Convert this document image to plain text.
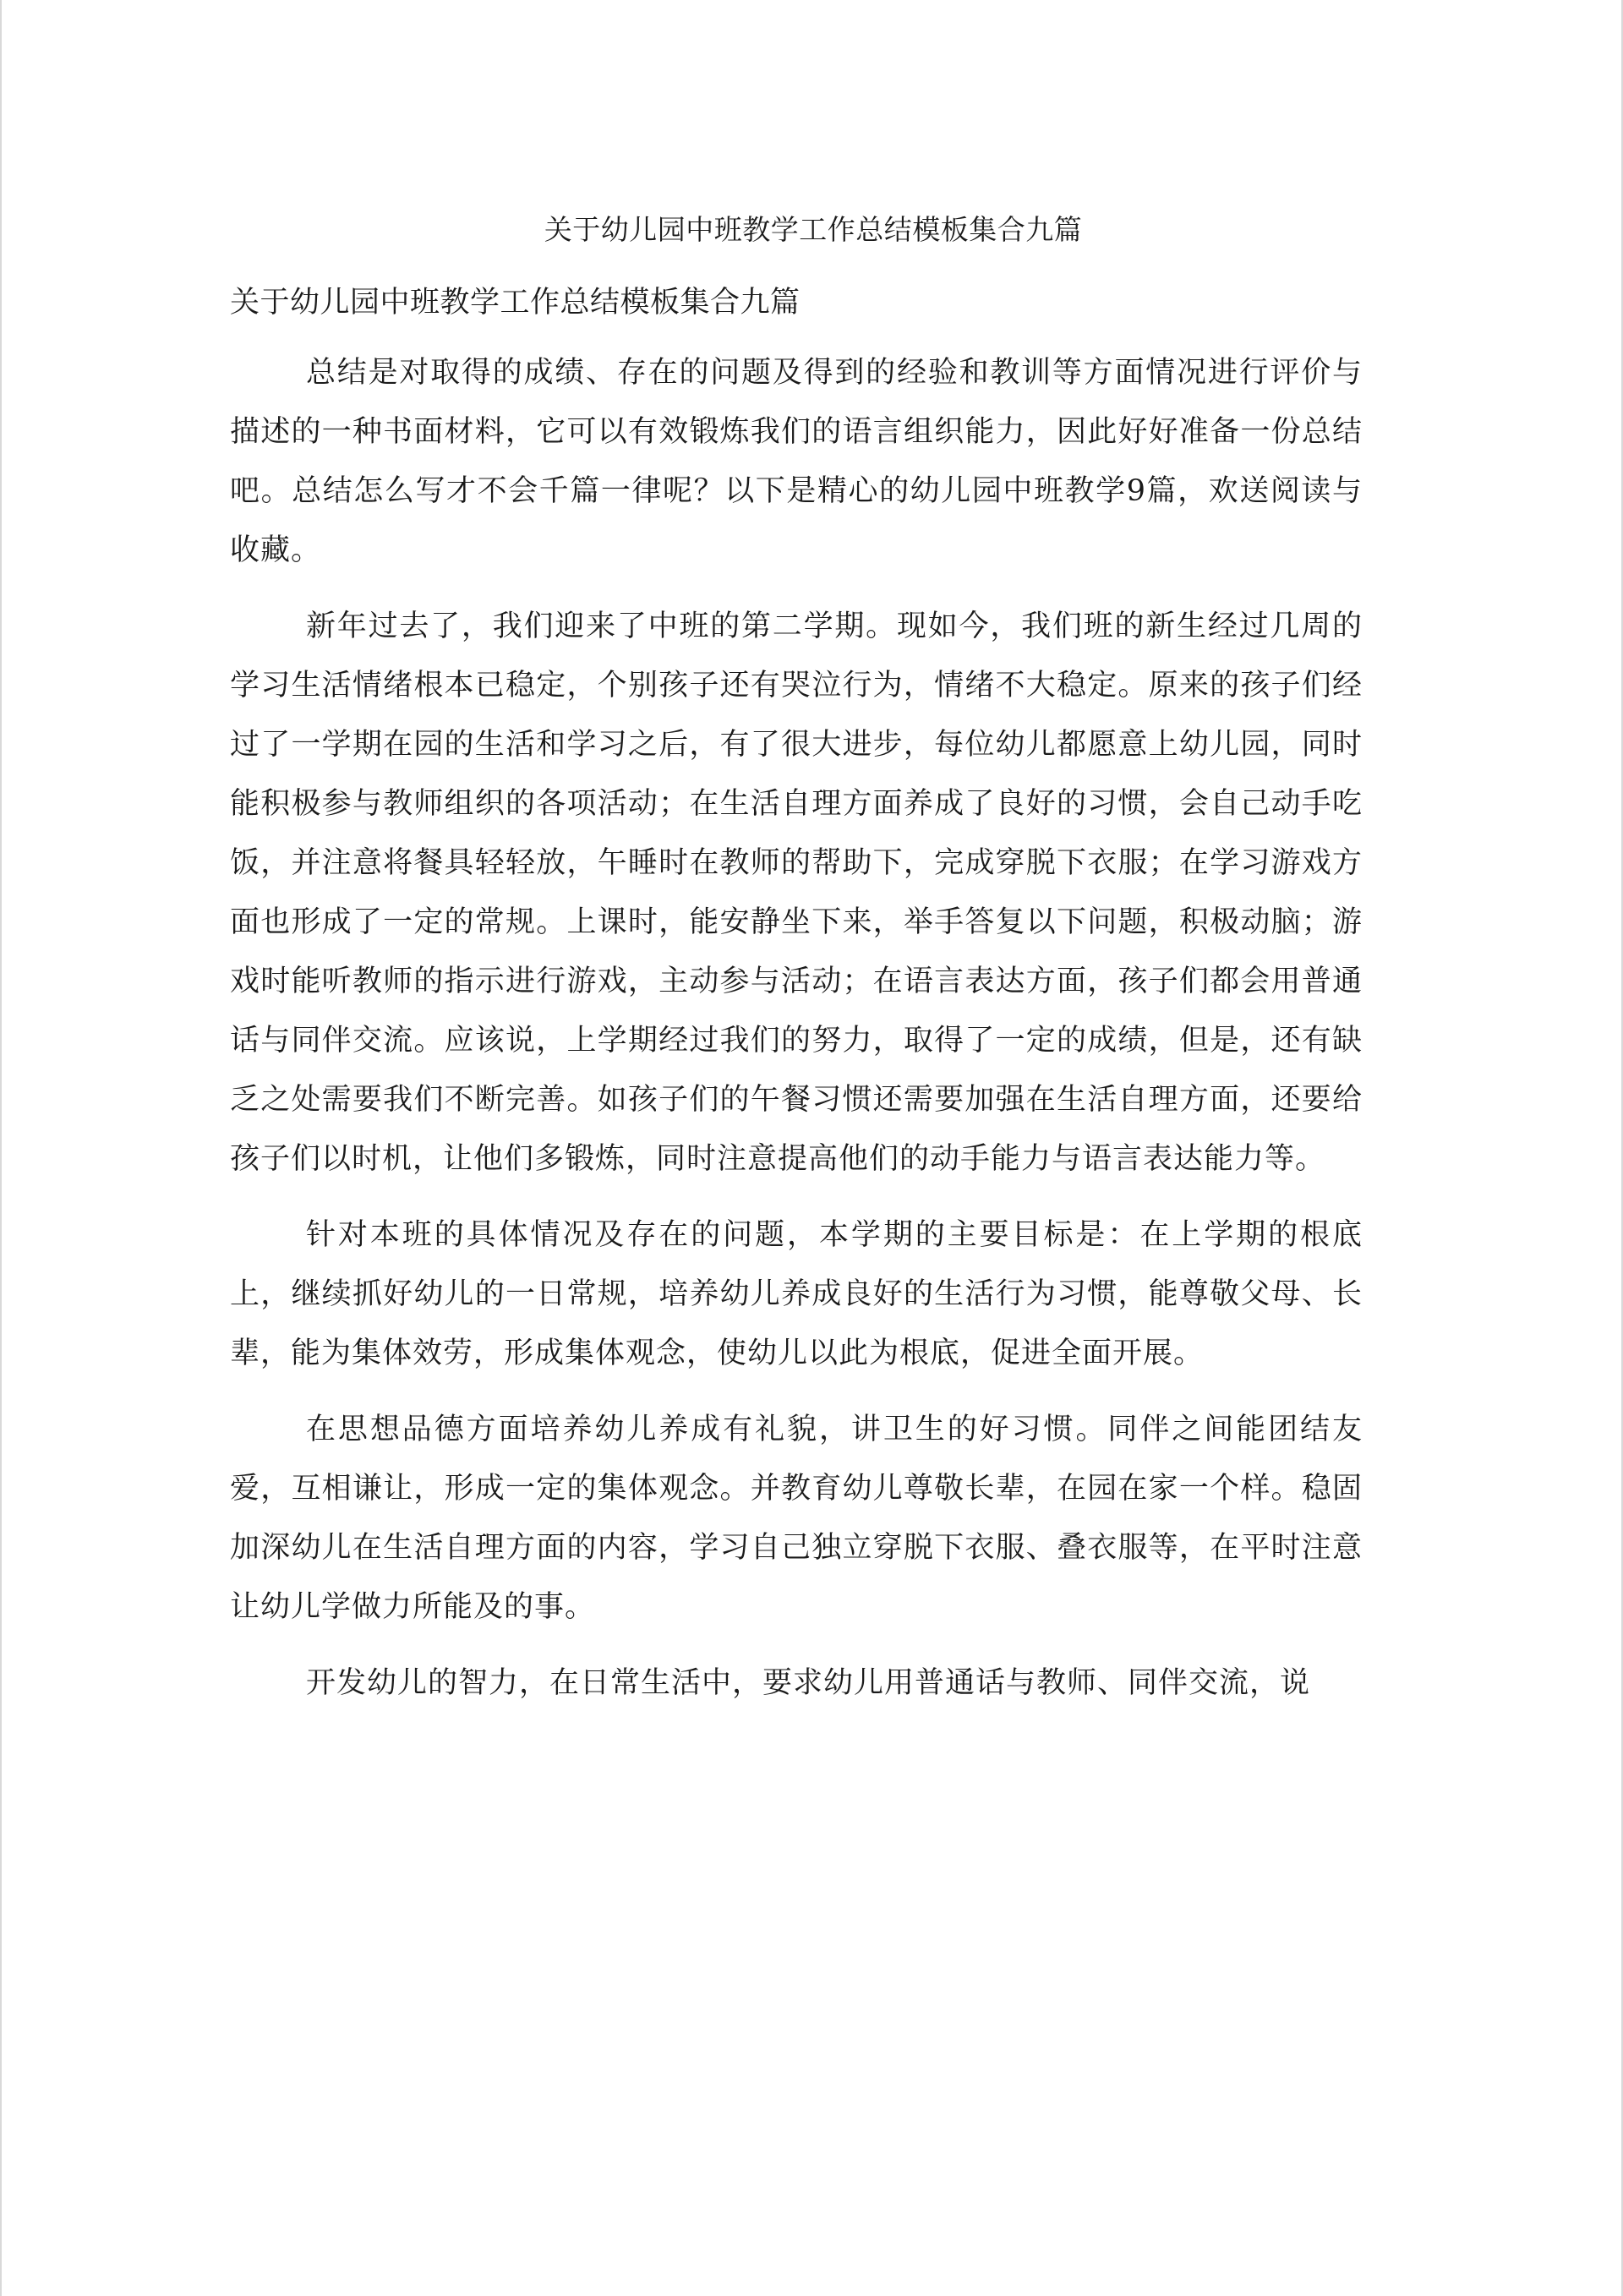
关于幼儿园中班教学工作总结模板集合九篇
关于幼儿园中班教学工作总结模板集合九篇

总结是对取得的成绩、存在的问题及得到的经验和教训等方面情况进行评价与描述的一种书面材料，它可以有效锻炼我们的语言组织能力，因此好好准备一份总结吧。总结怎么写才不会千篇一律呢？以下是精心的幼儿园中班教学9篇，欢送阅读与收藏。

新年过去了，我们迎来了中班的第二学期。现如今，我们班的新生经过几周的学习生活情绪根本已稳定，个别孩子还有哭泣行为，情绪不大稳定。原来的孩子们经过了一学期在园的生活和学习之后，有了很大进步，每位幼儿都愿意上幼儿园，同时能积极参与教师组织的各项活动；在生活自理方面养成了良好的习惯，会自己动手吃饭，并注意将餐具轻轻放，午睡时在教师的帮助下，完成穿脱下衣服；在学习游戏方面也形成了一定的常规。上课时，能安静坐下来，举手答复以下问题，积极动脑；游戏时能听教师的指示进行游戏，主动参与活动；在语言表达方面，孩子们都会用普通话与同伴交流。应该说，上学期经过我们的努力，取得了一定的成绩，但是，还有缺乏之处需要我们不断完善。如孩子们的午餐习惯还需要加强在生活自理方面，还要给孩子们以时机，让他们多锻炼，同时注意提高他们的动手能力与语言表达能力等。

针对本班的具体情况及存在的问题，本学期的主要目标是：在上学期的根底上，继续抓好幼儿的一日常规，培养幼儿养成良好的生活行为习惯，能尊敬父母、长辈，能为集体效劳，形成集体观念，使幼儿以此为根底，促进全面开展。

在思想品德方面培养幼儿养成有礼貌，讲卫生的好习惯。同伴之间能团结友爱，互相谦让，形成一定的集体观念。并教育幼儿尊敬长辈，在园在家一个样。稳固加深幼儿在生活自理方面的内容，学习自己独立穿脱下衣服、叠衣服等，在平时注意让幼儿学做力所能及的事。

开发幼儿的智力，在日常生活中，要求幼儿用普通话与教师、同伴交流，说
